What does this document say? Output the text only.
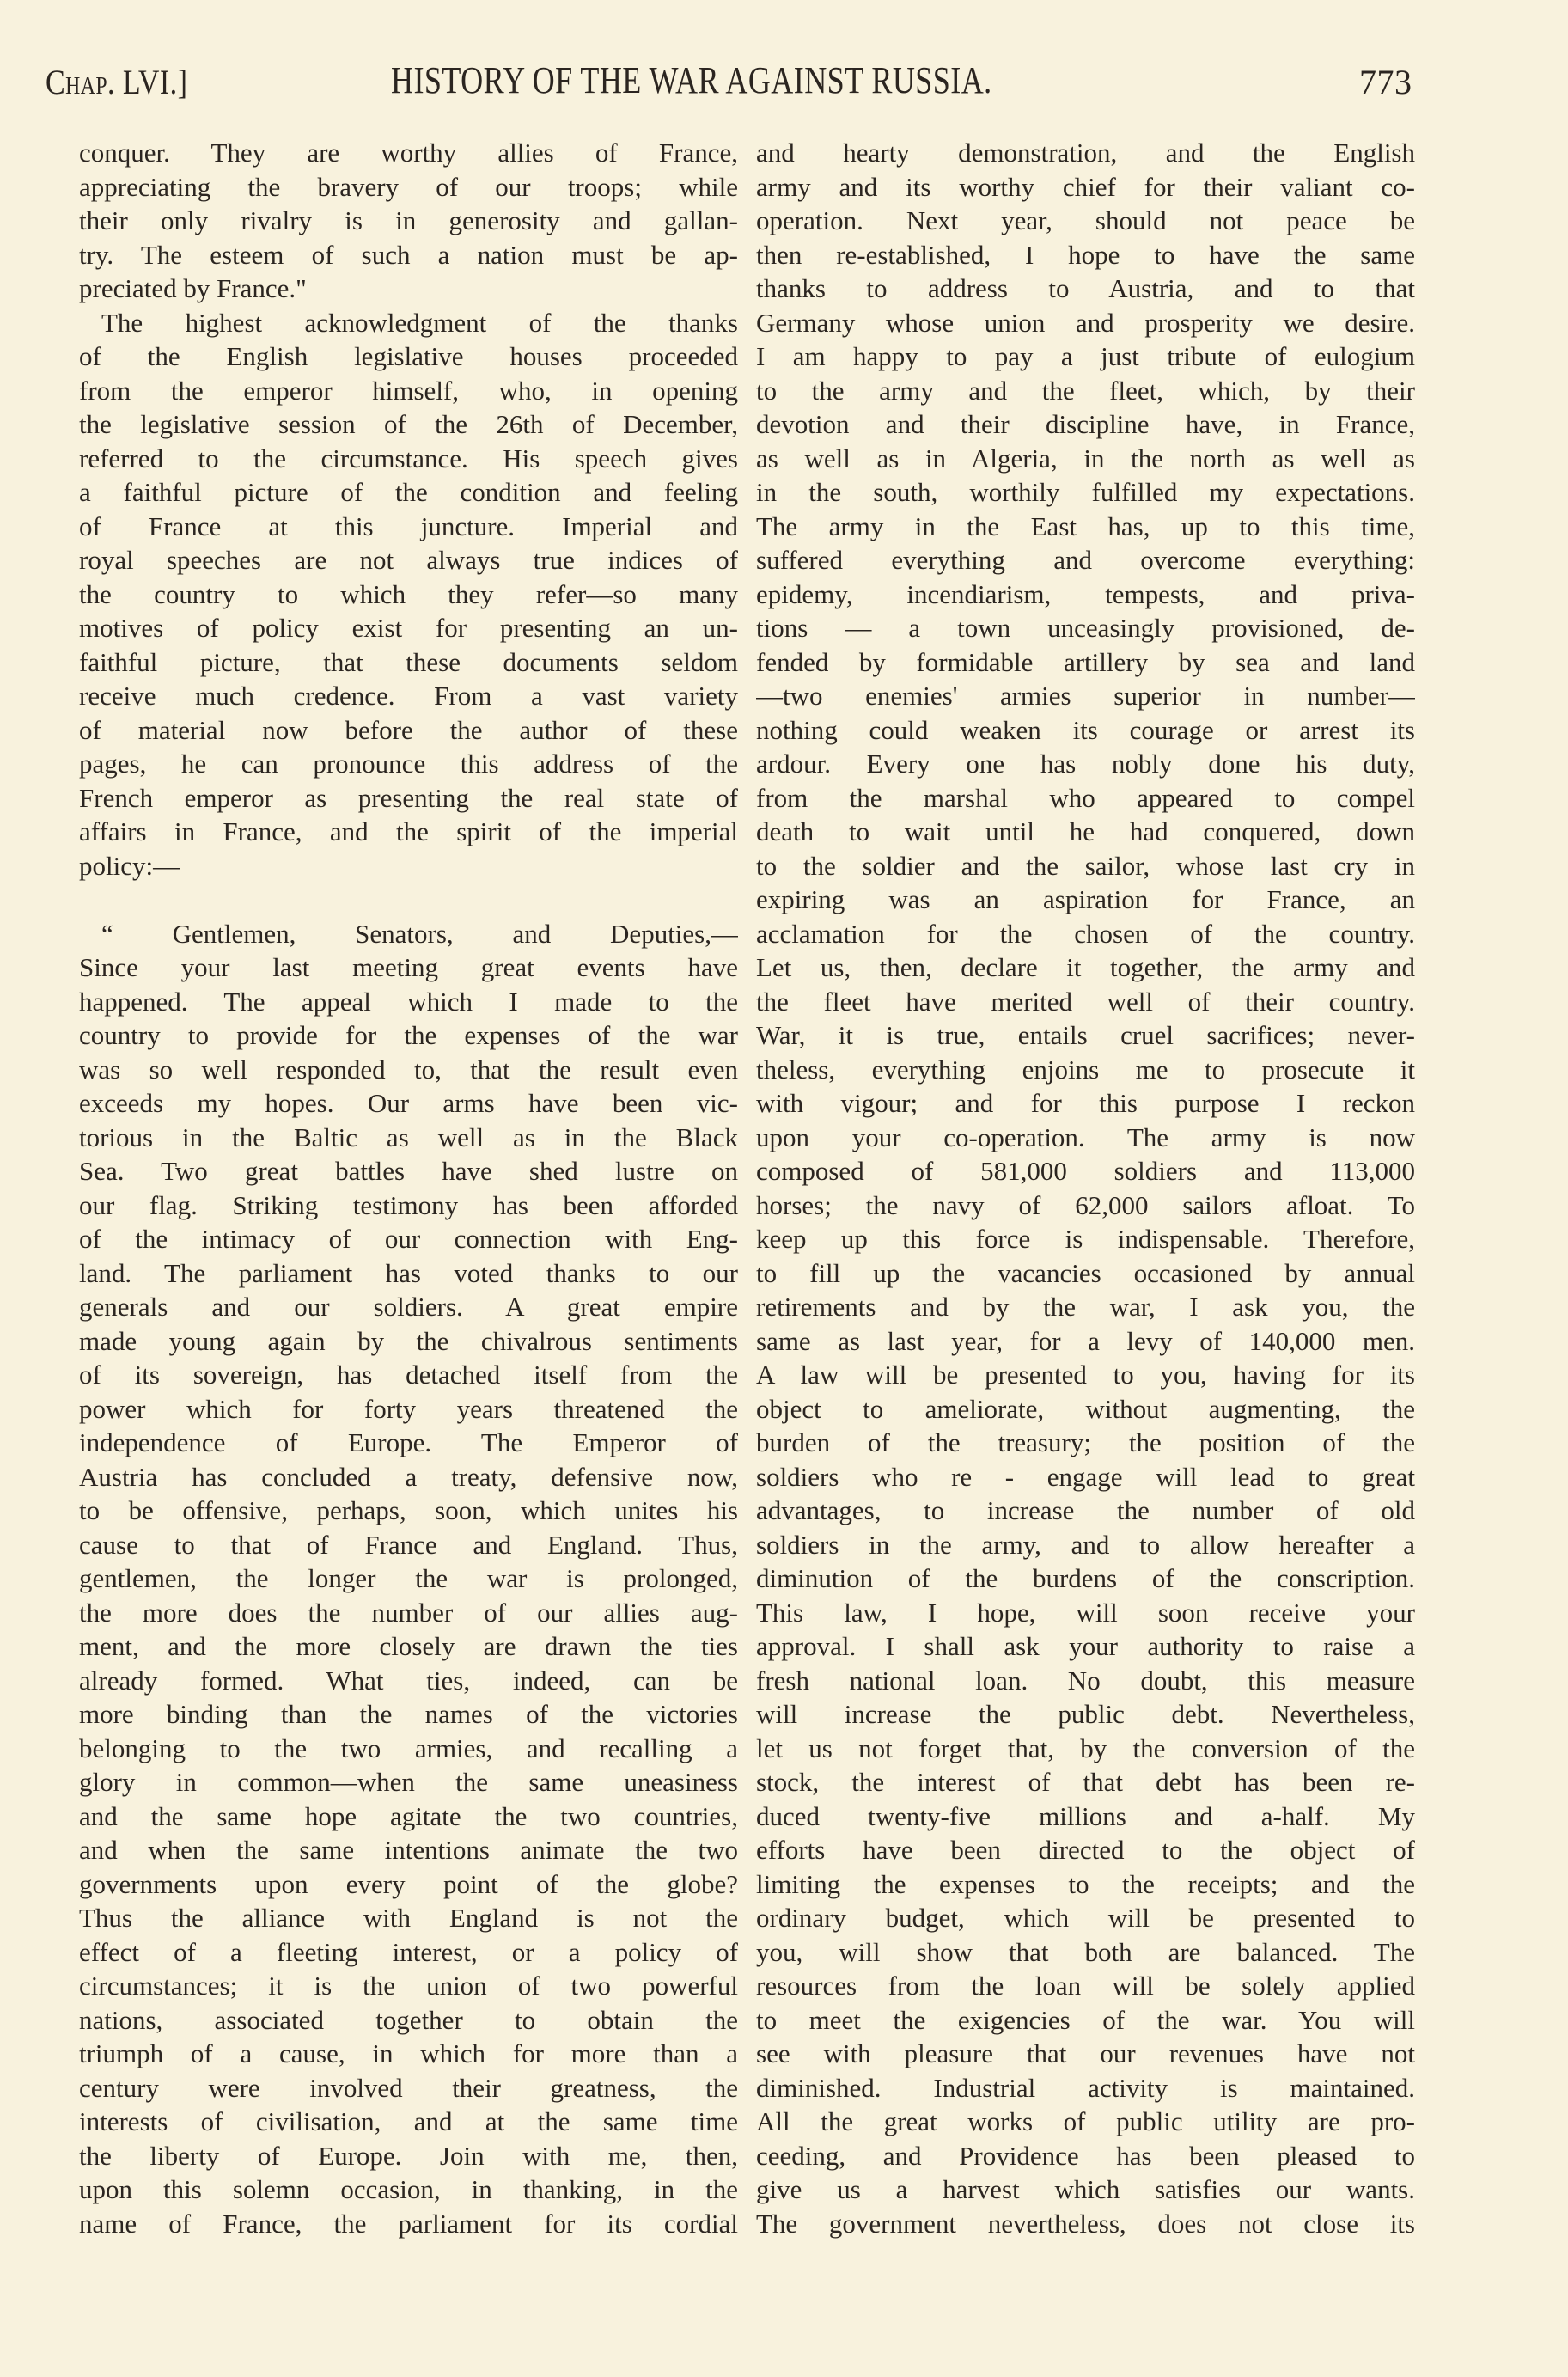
Chap. LVI.]	HISTORY OF THE WAR AGAINST RUSSIA.	773
conquer. They are worthy allies of France,
appreciating the bravery of our troops; while
their only rivalry is in generosity and gallan-
try. The esteem of such a nation must be ap-
preciated by France."
The highest acknowledgment of the thanks
of the English legislative houses proceeded
from the emperor himself, who, in opening
the legislative session of the 26th of December,
referred to the circumstance. His speech gives
a faithful picture of the condition and feeling
of France at this juncture. Imperial and
royal speeches are not always true indices of
the country to which they refer—so many
motives of policy exist for presenting an un-
faithful picture, that these documents seldom
receive much credence. From a vast variety
of material now before the author of these
pages, he can pronounce this address of the
French emperor as presenting the real state of
affairs in France, and the spirit of the imperial
policy:—
“ Gentlemen, Senators, and Deputies,—
Since your last meeting great events have
happened. The appeal which I made to the
country to provide for the expenses of the war
was so well responded to, that the result even
exceeds my hopes. Our arms have been vic-
torious in the Baltic as well as in the Black
Sea. Two great battles have shed lustre on
our flag. Striking testimony has been afforded
of the intimacy of our connection with Eng-
land. The parliament has voted thanks to our
generals and our soldiers. A great empire
made young again by the chivalrous sentiments
of its sovereign, has detached itself from the
power which for forty years threatened the
independence of Europe. The Emperor of
Austria has concluded a treaty, defensive now,
to be offensive, perhaps, soon, which unites his
cause to that of France and England. Thus,
gentlemen, the longer the war is prolonged,
the more does the number of our allies aug-
ment, and the more closely are drawn the ties
already formed. What ties, indeed, can be
more binding than the names of the victories
belonging to the two armies, and recalling a
glory in common—when the same uneasiness
and the same hope agitate the two countries,
and when the same intentions animate the two
governments upon every point of the globe?
Thus the alliance with England is not the
effect of a fleeting interest, or a policy of
circumstances; it is the union of two powerful
nations, associated together to obtain the
triumph of a cause, in which for more than a
century were involved their greatness, the
interests of civilisation, and at the same time
the liberty of Europe. Join with me, then,
upon this solemn occasion, in thanking, in the
name of France, the parliament for its cordial
and hearty demonstration, and the English
army and its worthy chief for their valiant co-
operation. Next year, should not peace be
then re-established, I hope to have the same
thanks to address to Austria, and to that
Germany whose union and prosperity we desire.
I am happy to pay a just tribute of eulogium
to the army and the fleet, which, by their
devotion and their discipline have, in France,
as well as in Algeria, in the north as well as
in the south, worthily fulfilled my expectations.
The army in the East has, up to this time,
suffered everything and overcome everything:
epidemy, incendiarism, tempests, and priva-
tions — a town unceasingly provisioned, de-
fended by formidable artillery by sea and land
—two enemies' armies superior in number—
nothing could weaken its courage or arrest its
ardour. Every one has nobly done his duty,
from the marshal who appeared to compel
death to wait until he had conquered, down
to the soldier and the sailor, whose last cry in
expiring was an aspiration for France, an
acclamation for the chosen of the country.
Let us, then, declare it together, the army and
the fleet have merited well of their country.
War, it is true, entails cruel sacrifices; never-
theless, everything enjoins me to prosecute it
with vigour; and for this purpose I reckon
upon your co-operation. The army is now
composed of 581,000 soldiers and 113,000
horses; the navy of 62,000 sailors afloat. To
keep up this force is indispensable. Therefore,
to fill up the vacancies occasioned by annual
retirements and by the war, I ask you, the
same as last year, for a levy of 140,000 men.
A law will be presented to you, having for its
object to ameliorate, without augmenting, the
burden of the treasury; the position of the
soldiers who re - engage will lead to great
advantages, to increase the number of old
soldiers in the army, and to allow hereafter a
diminution of the burdens of the conscription.
This law, I hope, will soon receive your
approval. I shall ask your authority to raise a
fresh national loan. No doubt, this measure
will increase the public debt. Nevertheless,
let us not forget that, by the conversion of the
stock, the interest of that debt has been re-
duced twenty-five millions and a-half. My
efforts have been directed to the object of
limiting the expenses to the receipts; and the
ordinary budget, which will be presented to
you, will show that both are balanced. The
resources from the loan will be solely applied
to meet the exigencies of the war. You will
see with pleasure that our revenues have not
diminished. Industrial activity is maintained.
All the great works of public utility are pro-
ceeding, and Providence has been pleased to
give us a harvest which satisfies our wants.
The government nevertheless, does not close its
